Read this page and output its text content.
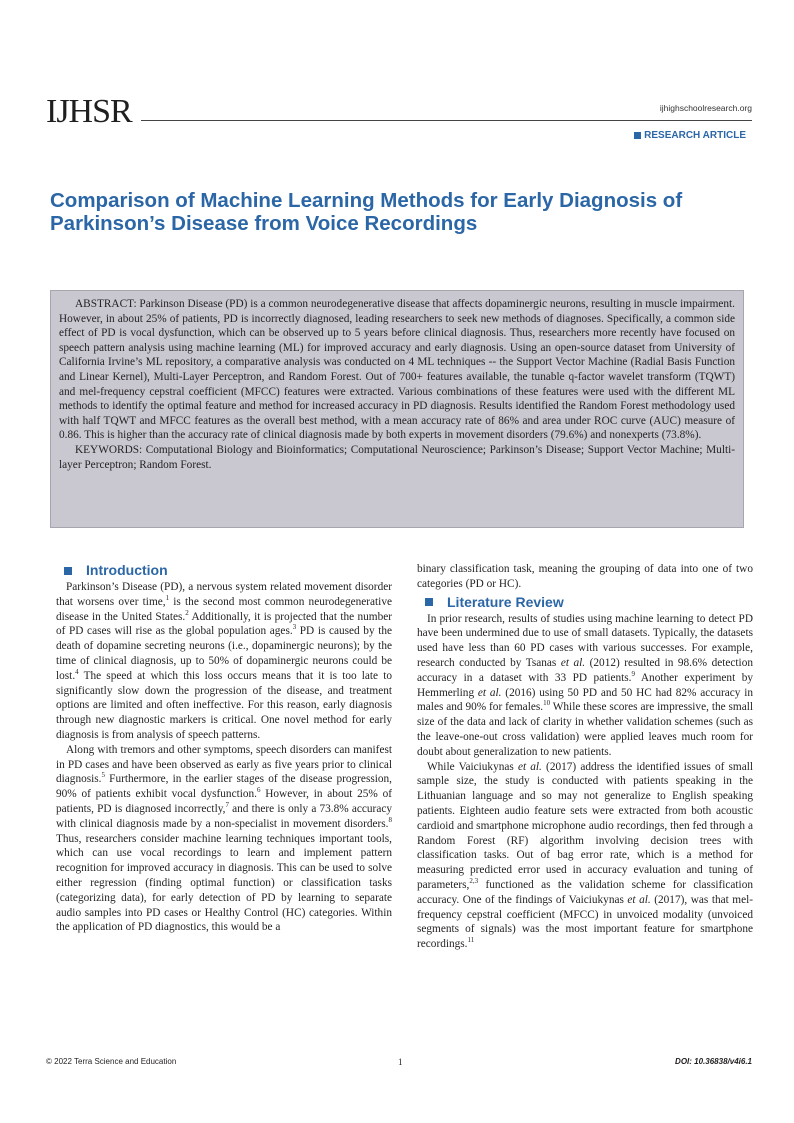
IJHSR	ijhighschoolresearch.org
RESEARCH ARTICLE
Comparison of Machine Learning Methods for Early Diagnosis of Parkinson’s Disease from Voice Recordings

ABSTRACT: Parkinson Disease (PD) is a common neurodegenerative disease that affects dopaminergic neurons, resulting in muscle impairment. However, in about 25% of patients, PD is incorrectly diagnosed, leading researchers to seek new methods of diagnoses. Specifically, a common side effect of PD is vocal dysfunction, which can be observed up to 5 years before clinical diagnosis. Thus, researchers more recently have focused on speech pattern analysis using machine learning (ML) for improved accuracy and early diagnosis. Using an open-source dataset from University of California Irvine’s ML repository, a comparative analysis was conducted on 4 ML techniques -- the Support Vector Machine (Radial Basis Function and Linear Kernel), Multi-Layer Perceptron, and Random Forest. Out of 700+ features available, the tunable q-factor wavelet transform (TQWT) and mel-frequency cepstral coefficient (MFCC) features were extracted. Various combinations of these features were used with the different ML methods to identify the optimal feature and method for increased accuracy in PD diagnosis. Results identified the Random Forest methodology used with half TQWT and MFCC features as the overall best method, with a mean accuracy rate of 86% and area under ROC curve (AUC) measure of 0.86. This is higher than the accuracy rate of clinical diagnosis made by both experts in movement disorders (79.6%) and nonexperts (73.8%).

KEYWORDS: Computational Biology and Bioinformatics; Computational Neuroscience; Parkinson’s Disease; Support Vector Machine; Multi-layer Perceptron; Random Forest.

Introduction

Parkinson’s Disease (PD), a nervous system related movement disorder that worsens over time,$^1$ is the second most common neurodegenerative disease in the United States.$^2$ Additionally, it is projected that the number of PD cases will rise as the global population ages.$^3$ PD is caused by the death of dopamine secreting neurons (i.e., dopaminergic neurons); by the time of clinical diagnosis, up to 50% of dopaminergic neurons could be lost.$^4$ The speed at which this loss occurs means that it is too late to significantly slow down the progression of the disease, and treatment options are limited and often ineffective. For this reason, early diagnosis through new diagnostic markers is critical. One novel method for early diagnosis is from analysis of speech patterns.

Along with tremors and other symptoms, speech disorders can manifest in PD cases and have been observed as early as five years prior to clinical diagnosis.$^5$ Furthermore, in the earlier stages of the disease progression, 90% of patients exhibit vocal dysfunction.$^6$ However, in about 25% of patients, PD is diagnosed incorrectly,$^7$ and there is only a 73.8% accuracy with clinical diagnosis made by a non-specialist in movement disorders.$^8$ Thus, researchers consider machine learning techniques important tools, which can use vocal recordings to learn and implement pattern recognition for improved accuracy in diagnosis. This can be used to solve either regression (finding optimal function) or classification tasks (categorizing data), for early detection of PD by learning to separate audio samples into PD cases or Healthy Control (HC) categories. Within the application of PD diagnostics, this would be a

binary classification task, meaning the grouping of data into one of two categories (PD or HC).

Literature Review

In prior research, results of studies using machine learning to detect PD have been undermined due to use of small datasets. Typically, the datasets used have less than 60 PD cases with various successes. For example, research conducted by Tsanas et al. (2012) resulted in 98.6% detection accuracy in a dataset with 33 PD patients.$^9$ Another experiment by Hemmerling et al. (2016) using 50 PD and 50 HC had 82% accuracy in males and 90% for females.$^{10}$ While these scores are impressive, the small size of the data and lack of clarity in whether validation schemes (such as the leave-one-out cross validation) were applied leaves much room for doubt about generalization to new patients.

While Vaiciukynas et al. (2017) address the identified issues of small sample size, the study is conducted with patients speaking in the Lithuanian language and so may not generalize to English speaking patients. Eighteen audio feature sets were extracted from both acoustic cardioid and smartphone microphone audio recordings, then fed through a Random Forest (RF) algorithm involving decision trees with classification tasks. Out of bag error rate, which is a method for measuring predicted error used in accuracy evaluation and tuning of parameters,$^{2,3}$ functioned as the validation scheme for classification accuracy. One of the findings of Vaiciukynas et al. (2017), was that mel-frequency cepstral coefficient (MFCC) in unvoiced modality (unvoiced segments of signals) was the most important feature for smartphone recordings.$^{11}$

© 2022 Terra Science and Education	1	DOI: 10.36838/v4i6.1
